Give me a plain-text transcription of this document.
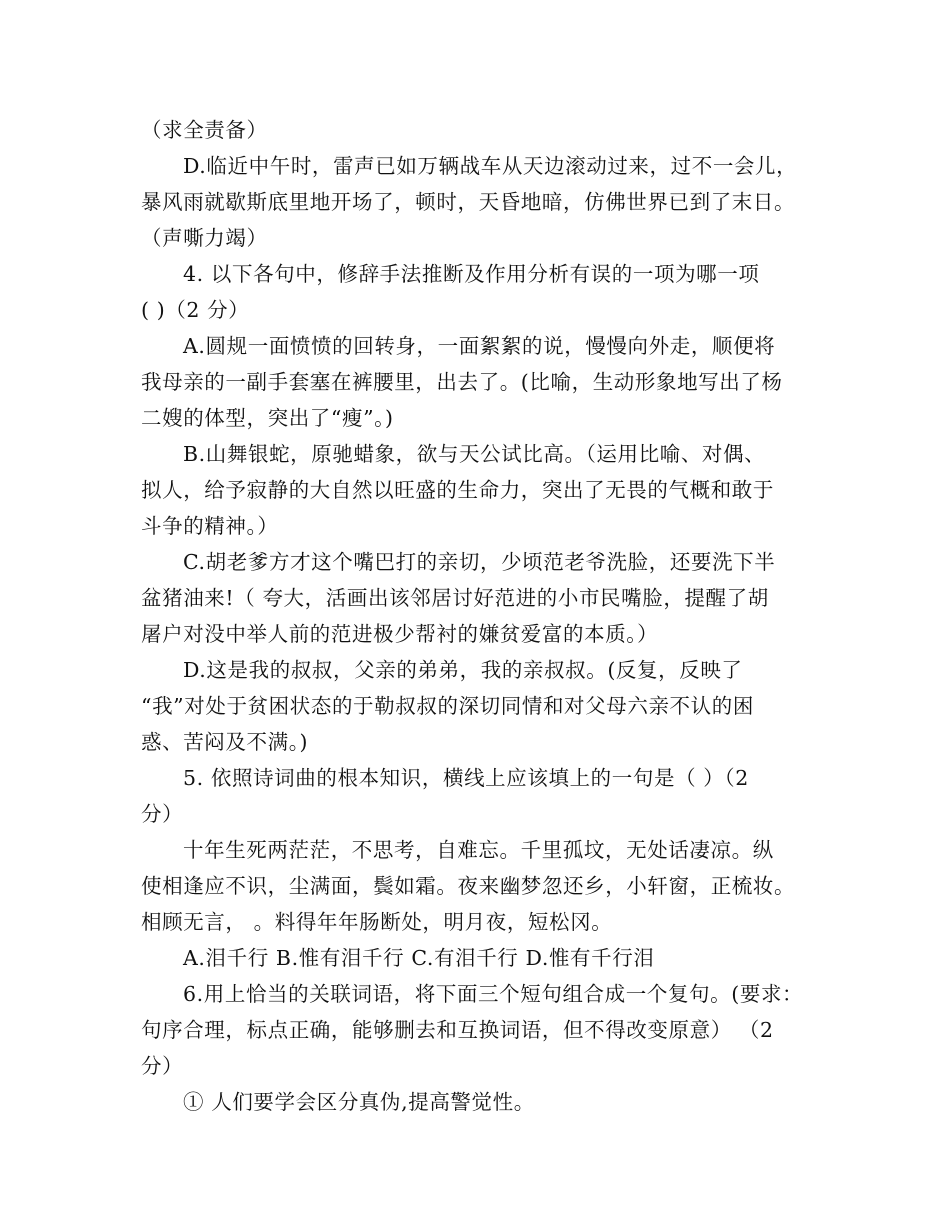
（求全责备）
D.临近中午时，雷声已如万辆战车从天边滚动过来，过不一会儿，
暴风雨就歇斯底里地开场了，顿时，天昏地暗，仿佛世界已到了末日。
（声嘶力竭）
4. 以下各句中，修辞手法推断及作用分析有误的一项为哪一项
( )（2 分）
A.圆规一面愤愤的回转身，一面絮絮的说，慢慢向外走，顺便将
我母亲的一副手套塞在裤腰里，出去了。(比喻，生动形象地写出了杨
二嫂的体型，突出了“瘦”。)
B.山舞银蛇，原驰蜡象，欲与天公试比高。（运用比喻、对偶、
拟人，给予寂静的大自然以旺盛的生命力，突出了无畏的气概和敢于
斗争的精神。）
C.胡老爹方才这个嘴巴打的亲切，少顷范老爷洗脸，还要洗下半
盆猪油来!（ 夸大，活画出该邻居讨好范进的小市民嘴脸，提醒了胡
屠户对没中举人前的范进极少帮衬的嫌贫爱富的本质。）
D.这是我的叔叔，父亲的弟弟，我的亲叔叔。(反复，反映了
“我”对处于贫困状态的于勒叔叔的深切同情和对父母六亲不认的困
惑、苦闷及不满。)
5. 依照诗词曲的根本知识，横线上应该填上的一句是（ ）（2
分）
十年生死两茫茫，不思考，自难忘。千里孤坟，无处话凄凉。纵
使相逢应不识，尘满面，鬓如霜。夜来幽梦忽还乡，小轩窗，正梳妆。
相顾无言， 。料得年年肠断处，明月夜，短松冈。
A.泪千行 B.惟有泪千行 C.有泪千行 D.惟有千行泪
6.用上恰当的关联词语，将下面三个短句组合成一个复句。(要求：
句序合理，标点正确，能够删去和互换词语，但不得改变原意） （2
分）
① 人们要学会区分真伪,提高警觉性。
